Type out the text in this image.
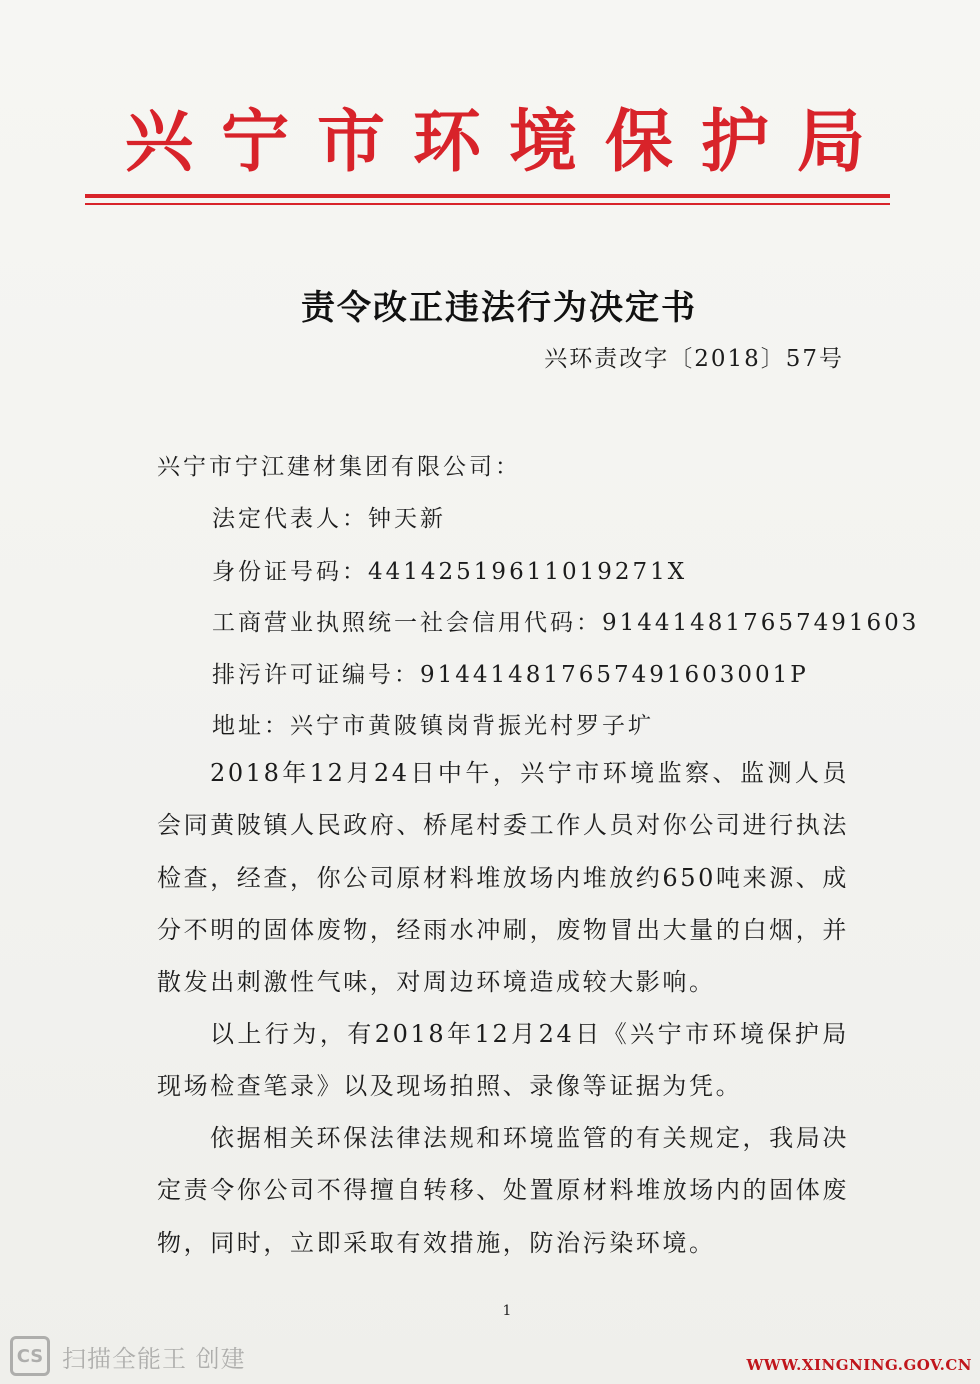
兴 宁 市 环 境 保 护 局
责令改正违法行为决定书
兴环责改字〔2018〕57号
兴宁市宁江建材集团有限公司：
法定代表人：钟天新
身份证号码：44142519611019271X
工商营业执照统一社会信用代码：91441481765749160З
排污许可证编号：914414817657491603001P
地址：兴宁市黄陂镇岗背振光村罗子圹
2018年12月24日中午，兴宁市环境监察、监测人员会同黄陂镇人民政府、桥尾村委工作人员对你公司进行执法检查，经查，你公司原材料堆放场内堆放约650吨来源、成分不明的固体废物，经雨水冲刷，废物冒出大量的白烟，并散发出刺激性气味，对周边环境造成较大影响。
以上行为，有2018年12月24日《兴宁市环境保护局现场检查笔录》以及现场拍照、录像等证据为凭。
依据相关环保法律法规和环境监管的有关规定，我局决定责令你公司不得擅自转移、处置原材料堆放场内的固体废物，同时，立即采取有效措施，防治污染环境。
1
CS 扫描全能王 创建	WWW.XINGNING.GOV.CN
